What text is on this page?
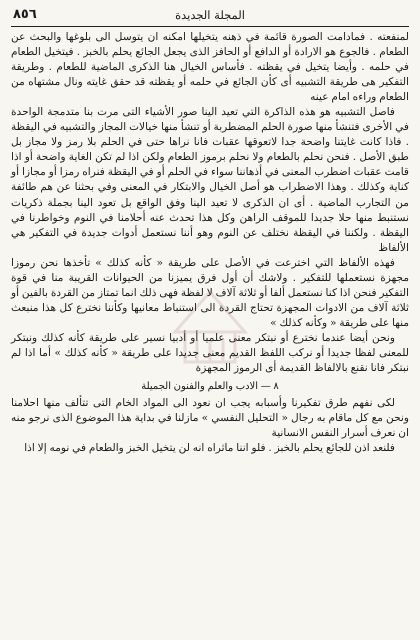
٨٥٦	المجلة الجديدة

لمنفعته . فمادامت الصورة قائمة في ذهنه يتخيلها امكنه ان يتوسل الى بلوغها والبحث عن الطعام . فالجوع هو الارادة أو الدافع أو الحافز الذى يجعل الجائع يحلم بالخبز . فيتخيل الطعام في حلمه . وأيضا يتخيل في يقظته . فأساس الخيال هنا الذكرى الماضية للطعام . وطريقة التفكير هى طريقة التشبيه أى كأن الجائع في حلمه أو يقظته قد حقق غايته ونال مشتهاه من الطعام وراءه امام عينه

فاصل التشبيه هو هذه الذاكرة التي تعيد الينا صور الأشياء التى مرت بنا متدمجة الواحدة في الأخرى فتنشأ منها صورة الحلم المضطربة أو تنشأ منها خيالات المجاز والتشبيه في اليقظة . فاذا كانت غايتنا واضحة جدا لاتعوقها عقبات فانا نراها حتى في الحلم بلا رمز ولا مجاز بل طبق الأصل . فنحن نحلم بالطعام ولا نحلم برموز الطعام ولكن اذا لم تكن الغاية واضحة أو اذا قامت عقبات اضطرب المعنى في أذهاننا سواء في الحلم أو في اليقظة فنراه رمزا أو مجازا أو كناية وكذلك . وهذا الاضطراب هو أصل الخيال والابتكار في المعنى وفي بحثنا عن هم طائفة من التجارب الماضية . أى ان الذكرى لا تعيد الينا وفق الواقع بل تعود الينا بجملة ذكريات نستنبط منها حلا جديدا للموقف الراهن وكل هذا تحدث عنه أحلامنا في النوم وخواطرنا في اليقظة . ولكننا في اليقظة نختلف عن النوم وهو أننا نستعمل أدوات جديدة في التفكير هي الألفاظ

فهذه الألفاظ التي اخترعت في الأصل على طريقة « كأنه كذلك » تأخذها نحن رموزا مجهزة نستعملها للتفكير . ولاشك أن أول فرق يميزنا من الحيوانات القريبة منا في قوة التفكير فنحن اذا كنا نستعمل ألفا أو ثلاثة آلاف لا لفظة فهى ذلك انما تمتاز من القردة بالفين أو ثلاثة آلاف من الادوات المجهزة تحتاج القردة الى استنباط معانيها وكأننا نخترع كل هذا منبعث منها على طريقة « وكأنه كذلك »

ونحن أيضا عندما نخترع أو نبتكر معنى علميا أو أدبيا نسير على طريقة كأنه كذلك ونبتكر للمعنى لفظا جديدا أو نركب اللفظ القديم معنى جديدا على طريقة « كأنه كذلك » أما اذا لم نبتكر فانا نقنع بالالفاظ القديمة أى الرموز المجهزة

٨ — الادب والعلم والفنون الجميلة

لكى نفهم طرق تفكيرنا وأسبابه يجب ان نعود الى المواد الخام التى تتألف منها احلامنا ونحن مع كل ماقام به رجال « التحليل النفسي » مازلنا في بداية هذا الموضوع الذى نرجو منه ان نعرف أسرار النفس الانسانية

فلنعد اذن للجائع يحلم بالخبز . فلو اننا ماثراه انه لن يتخيل الخبز والطعام في نومه إلا اذا
